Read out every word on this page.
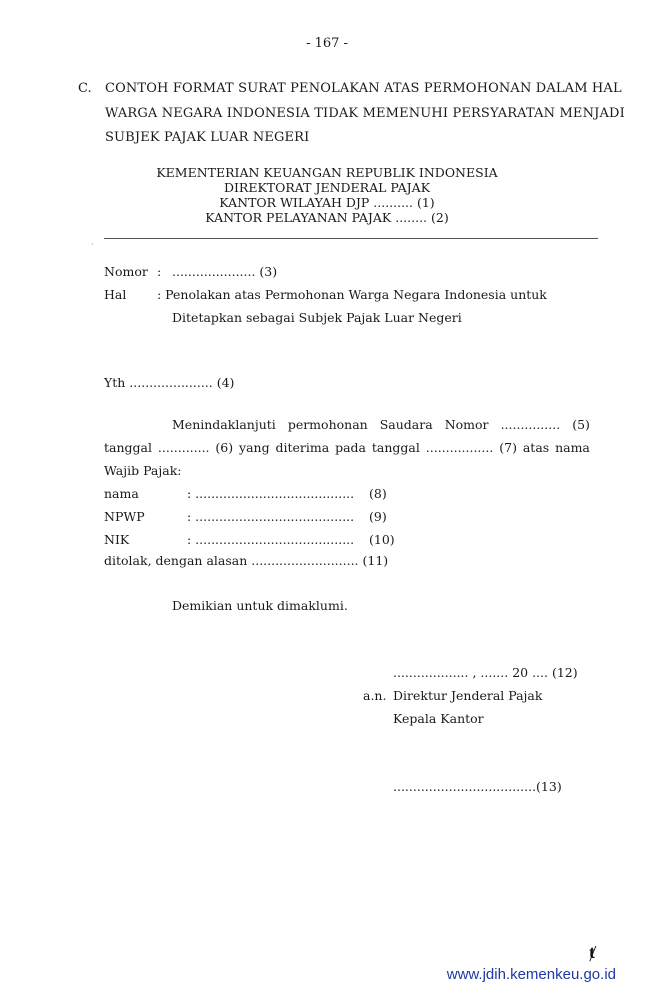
- 167 -
C. CONTOH FORMAT SURAT PENOLAKAN ATAS PERMOHONAN DALAM HAL
WARGA NEGARA INDONESIA TIDAK MEMENUHI PERSYARATAN MENJADI
SUBJEK PAJAK LUAR NEGERI
KEMENTERIAN KEUANGAN REPUBLIK INDONESIA
DIREKTORAT JENDERAL PAJAK
KANTOR WILAYAH DJP .......... (1)
KANTOR PELAYANAN PAJAK ........ (2)
·
Nomor : ..................... (3)
Hal : Penolakan atas Permohonan Warga Negara Indonesia untuk
Ditetapkan sebagai Subjek Pajak Luar Negeri
Yth ..................... (4)
Menindaklanjuti permohonan Saudara Nomor ............... (5)
tanggal ............. (6) yang diterima pada tanggal ................. (7) atas nama
Wajib Pajak:
nama	: ........................................ (8)
NPWP	: ........................................ (9)
NIK	: ........................................ (10)
ditolak, dengan alasan ........................... (11)
Demikian untuk dimaklumi.
................... , ....... 20 .... (12)
a.n. Direktur Jenderal Pajak
Kepala Kantor
....................................(13)
ⱦ
www.jdih.kemenkeu.go.id
